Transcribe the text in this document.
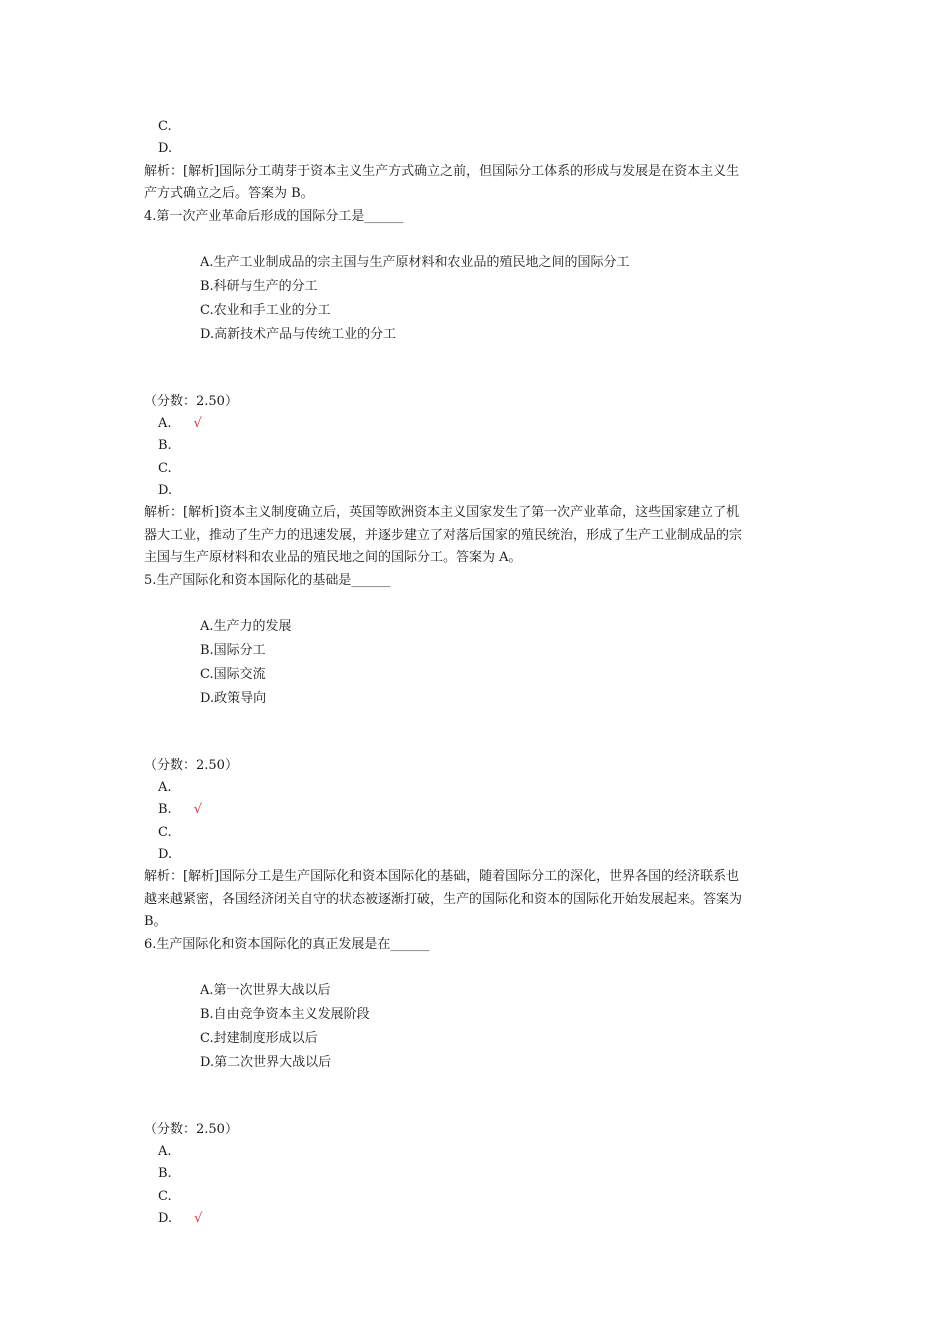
C.
D.
解析：[解析]国际分工萌芽于资本主义生产方式确立之前，但国际分工体系的形成与发展是在资本主义生
产方式确立之后。答案为 B。
4.第一次产业革命后形成的国际分工是______
A.生产工业制成品的宗主国与生产原材料和农业品的殖民地之间的国际分工
B.科研与生产的分工
C.农业和手工业的分工
D.高新技术产品与传统工业的分工
（分数：2.50）
A. √
B.
C.
D.
解析：[解析]资本主义制度确立后，英国等欧洲资本主义国家发生了第一次产业革命，这些国家建立了机
器大工业，推动了生产力的迅速发展，并逐步建立了对落后国家的殖民统治，形成了生产工业制成品的宗
主国与生产原材料和农业品的殖民地之间的国际分工。答案为 A。
5.生产国际化和资本国际化的基础是______
A.生产力的发展
B.国际分工
C.国际交流
D.政策导向
（分数：2.50）
A.
B. √
C.
D.
解析：[解析]国际分工是生产国际化和资本国际化的基础，随着国际分工的深化，世界各国的经济联系也
越来越紧密，各国经济闭关自守的状态被逐渐打破，生产的国际化和资本的国际化开始发展起来。答案为
B。
6.生产国际化和资本国际化的真正发展是在______
A.第一次世界大战以后
B.自由竞争资本主义发展阶段
C.封建制度形成以后
D.第二次世界大战以后
（分数：2.50）
A.
B.
C.
D. √
